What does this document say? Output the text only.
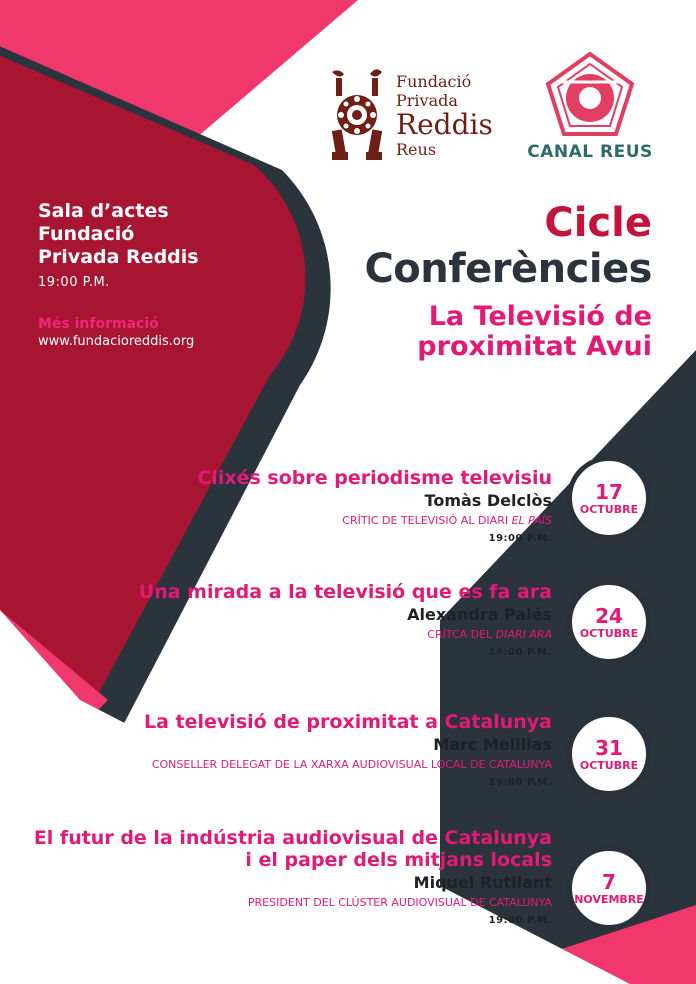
Fundació
Privada
Reddis
Reus	CANAL REUS
Sala d’actes
Fundació
Privada Reddis
19:00 P.M.
Més informació
www.fundacioreddis.org
Cicle
Conferències
La Televisió de
proximitat Avui
Clixés sobre periodisme televisiu
Tomàs Delclòs
CRÍTIC DE TELEVISIÓ AL DIARI EL PAÍS
19:00 P.M.
17
OCTUBRE
Una mirada a la televisió que es fa ara
Alexandra Palés
CRÍTCA DEL DIARI ARA
19:00 P.M.
24
OCTUBRE
La televisió de proximitat a Catalunya
Marc Melillas
CONSELLER DELEGAT DE LA XARXA AUDIOVISUAL LOCAL DE CATALUNYA
19:00 P.M.
31
OCTUBRE
El futur de la indústria audiovisual de Catalunya
i el paper dels mitjans locals
Miquel Rutllant
PRESIDENT DEL CLÚSTER AUDIOVISUAL DE CATALUNYA
19:00 P.M.
7
NOVEMBRE
